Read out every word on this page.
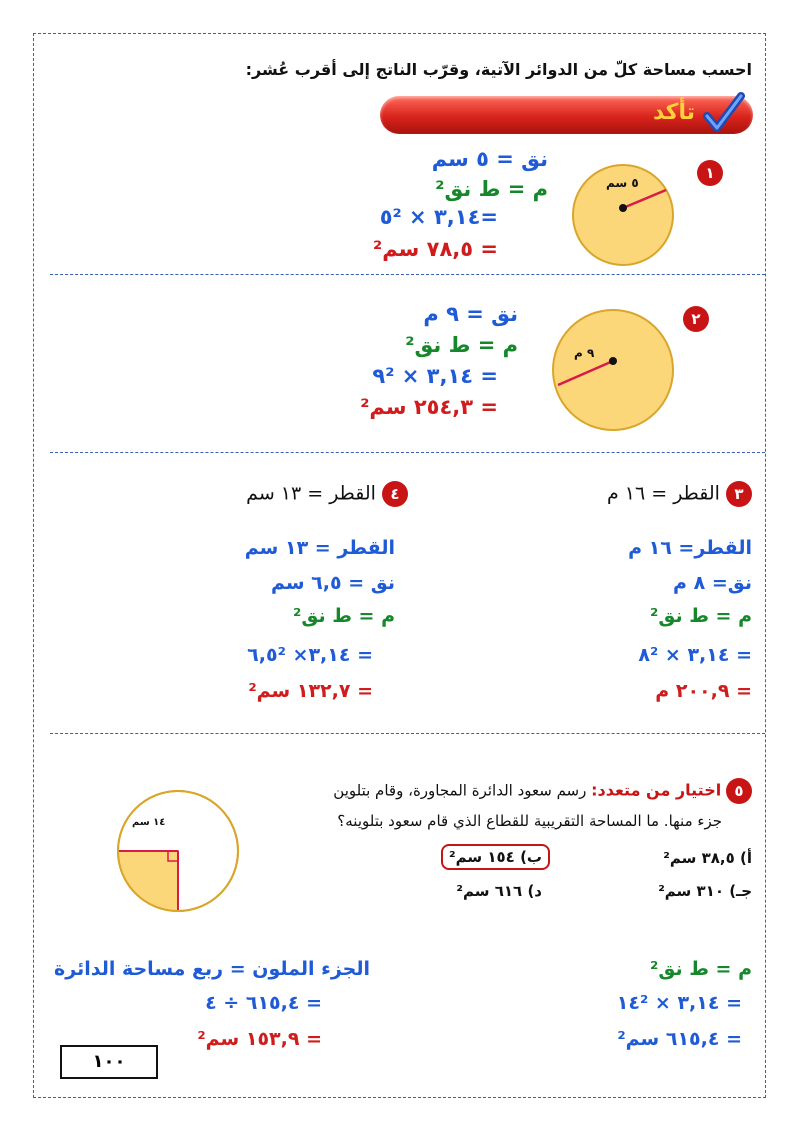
احسب مساحة كلّ من الدوائر الآتية، وقرّب الناتج إلى أقرب عُشر:
تأكد
١
٥ سم
نق = ٥ سم
م = ط نق²
=٣,١٤ × ٥²
= ٧٨,٥ سم²
٢
٩ م
نق = ٩ م
م = ط نق²
= ٣,١٤ × ٩²
= ٢٥٤,٣ سم²
٣ القطر = ١٦ م
القطر= ١٦ م
نق= ٨ م
م = ط نق²
= ٣,١٤ × ٨²
= ٢٠٠,٩ م
٤ القطر = ١٣ سم
القطر = ١٣ سم
نق = ٦,٥ سم
م = ط نق²
= ٣,١٤× ٦,٥²
= ١٣٢,٧ سم²
٥ اختيار من متعدد: رسم سعود الدائرة المجاورة، وقام بتلوين
جزء منها. ما المساحة التقريبية للقطاع الذي قام سعود بتلوينه؟
١٤ سم
أ) ٣٨,٥ سم²
ب) ١٥٤ سم²
جـ) ٣١٠ سم²
د) ٦١٦ سم²
م = ط نق²
= ٣,١٤ × ١٤²
= ٦١٥,٤ سم²
الجزء الملون = ربع مساحة الدائرة
= ٦١٥,٤ ÷ ٤
= ١٥٣,٩ سم²
١٠٠
